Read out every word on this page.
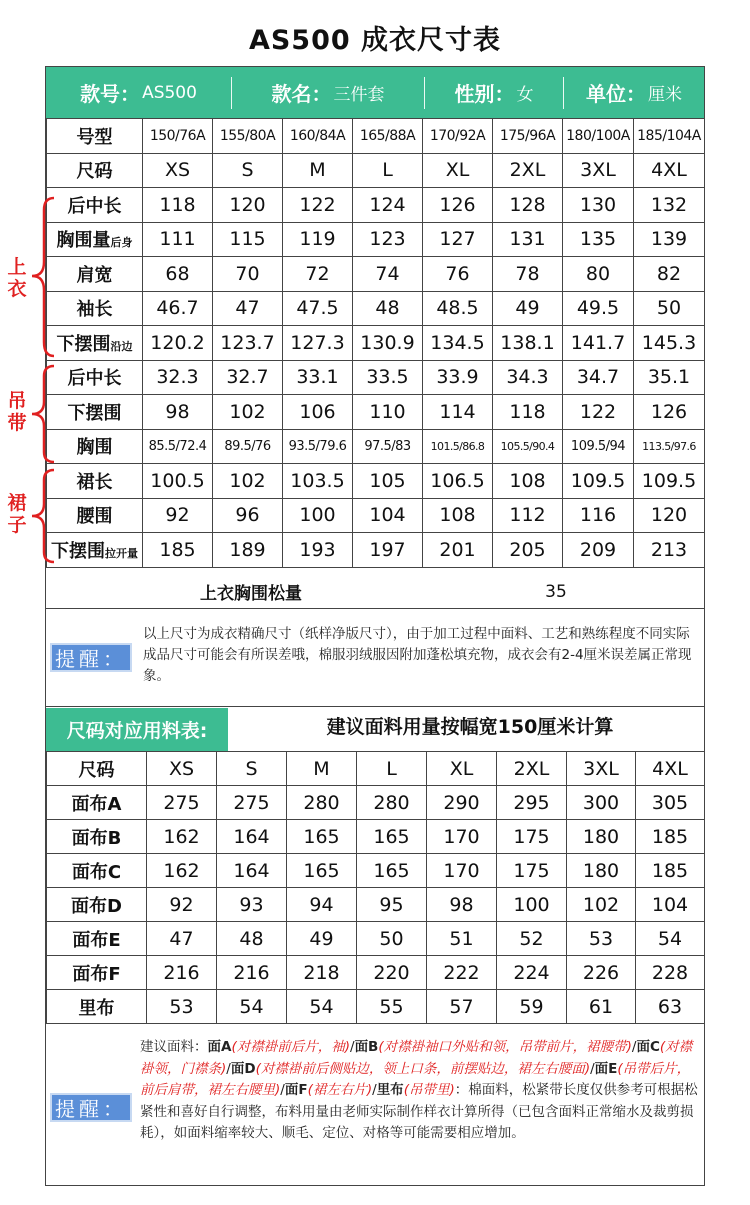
AS500 成衣尺寸表
款号： AS500	款名： 三件套	性别： 女	单位： 厘米
号型	150/76A	155/80A	160/84A	165/88A	170/92A	175/96A	180/100A	185/104A
尺码	XS	S	M	L	XL	2XL	3XL	4XL
后中长	118	120	122	124	126	128	130	132
胸围量后身	111	115	119	123	127	131	135	139
肩宽	68	70	72	74	76	78	80	82
袖长	46.7	47	47.5	48	48.5	49	49.5	50
下摆围沿边	120.2	123.7	127.3	130.9	134.5	138.1	141.7	145.3
后中长	32.3	32.7	33.1	33.5	33.9	34.3	34.7	35.1
下摆围	98	102	106	110	114	118	122	126
胸围	85.5/72.4	89.5/76	93.5/79.6	97.5/83	101.5/86.8	105.5/90.4	109.5/94	113.5/97.6
裙长	100.5	102	103.5	105	106.5	108	109.5	109.5
腰围	92	96	100	104	108	112	116	120
下摆围拉开量	185	189	193	197	201	205	209	213
上衣
吊带
裙子
上衣胸围松量	35
提醒：
以上尺寸为成衣精确尺寸（纸样净版尺寸），由于加工过程中面料、工艺和熟练程度不同实际成品尺寸可能会有所误差哦，棉服羽绒服因附加蓬松填充物，成衣会有2-4厘米误差属正常现象。
尺码对应用料表:	建议面料用量按幅宽150厘米计算
尺码	XS	S	M	L	XL	2XL	3XL	4XL
面布A	275	275	280	280	290	295	300	305
面布B	162	164	165	165	170	175	180	185
面布C	162	164	165	165	170	175	180	185
面布D	92	93	94	95	98	100	102	104
面布E	47	48	49	50	51	52	53	54
面布F	216	216	218	220	222	224	226	228
里布	53	54	54	55	57	59	61	63
提醒：
建议面料：面A(对襟褂前后片，袖)/面B(对襟褂袖口外贴和领，吊带前片，裙腰带)/面C(对襟褂领，门襟条)/面D(对襟褂前后侧贴边，领上口条，前摆贴边，裙左右腰面)/面E(吊带后片，前后肩带，裙左右腰里)/面F(裙左右片)/里布(吊带里)：棉面料，松紧带长度仅供参考可根据松紧性和喜好自行调整，布料用量由老师实际制作样衣计算所得（已包含面料正常缩水及裁剪损耗），如面料缩率较大、顺毛、定位、对格等可能需要相应增加。
